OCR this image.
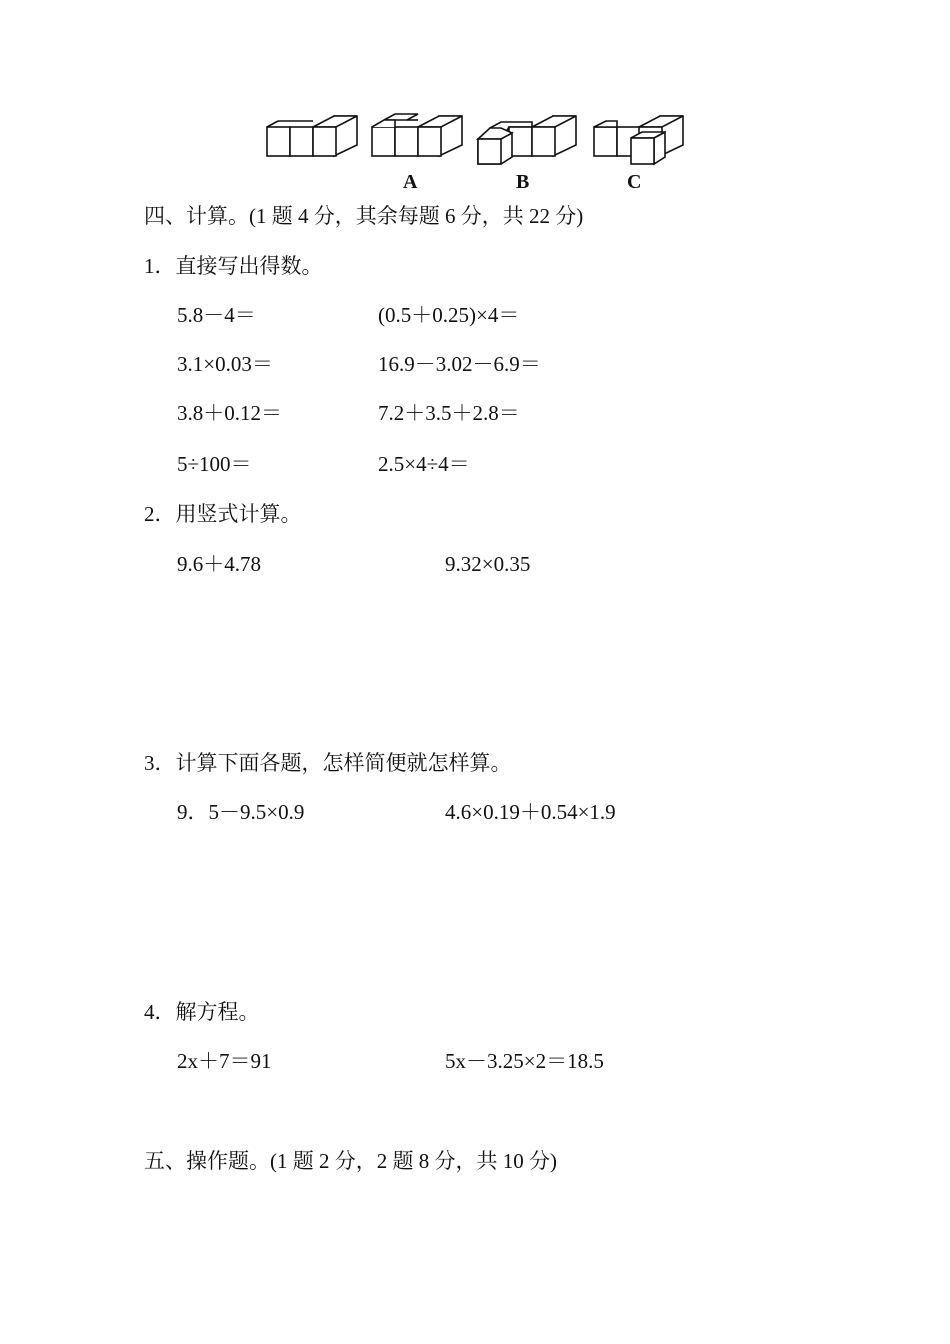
A	B	C
四、计算。(1 题 4 分，其余每题 6 分，共 22 分)
1．直接写出得数。
5.8－4＝	(0.5＋0.25)×4＝
3.1×0.03＝	16.9－3.02－6.9＝
3.8＋0.12＝	7.2＋3.5＋2.8＝
5÷100＝	2.5×4÷4＝
2．用竖式计算。
9.6＋4.78	9.32×0.35
3．计算下面各题，怎样简便就怎样算。
9．5－9.5×0.9	4.6×0.19＋0.54×1.9
4．解方程。
2x＋7＝91	5x－3.25×2＝18.5
五、操作题。(1 题 2 分，2 题 8 分，共 10 分)
